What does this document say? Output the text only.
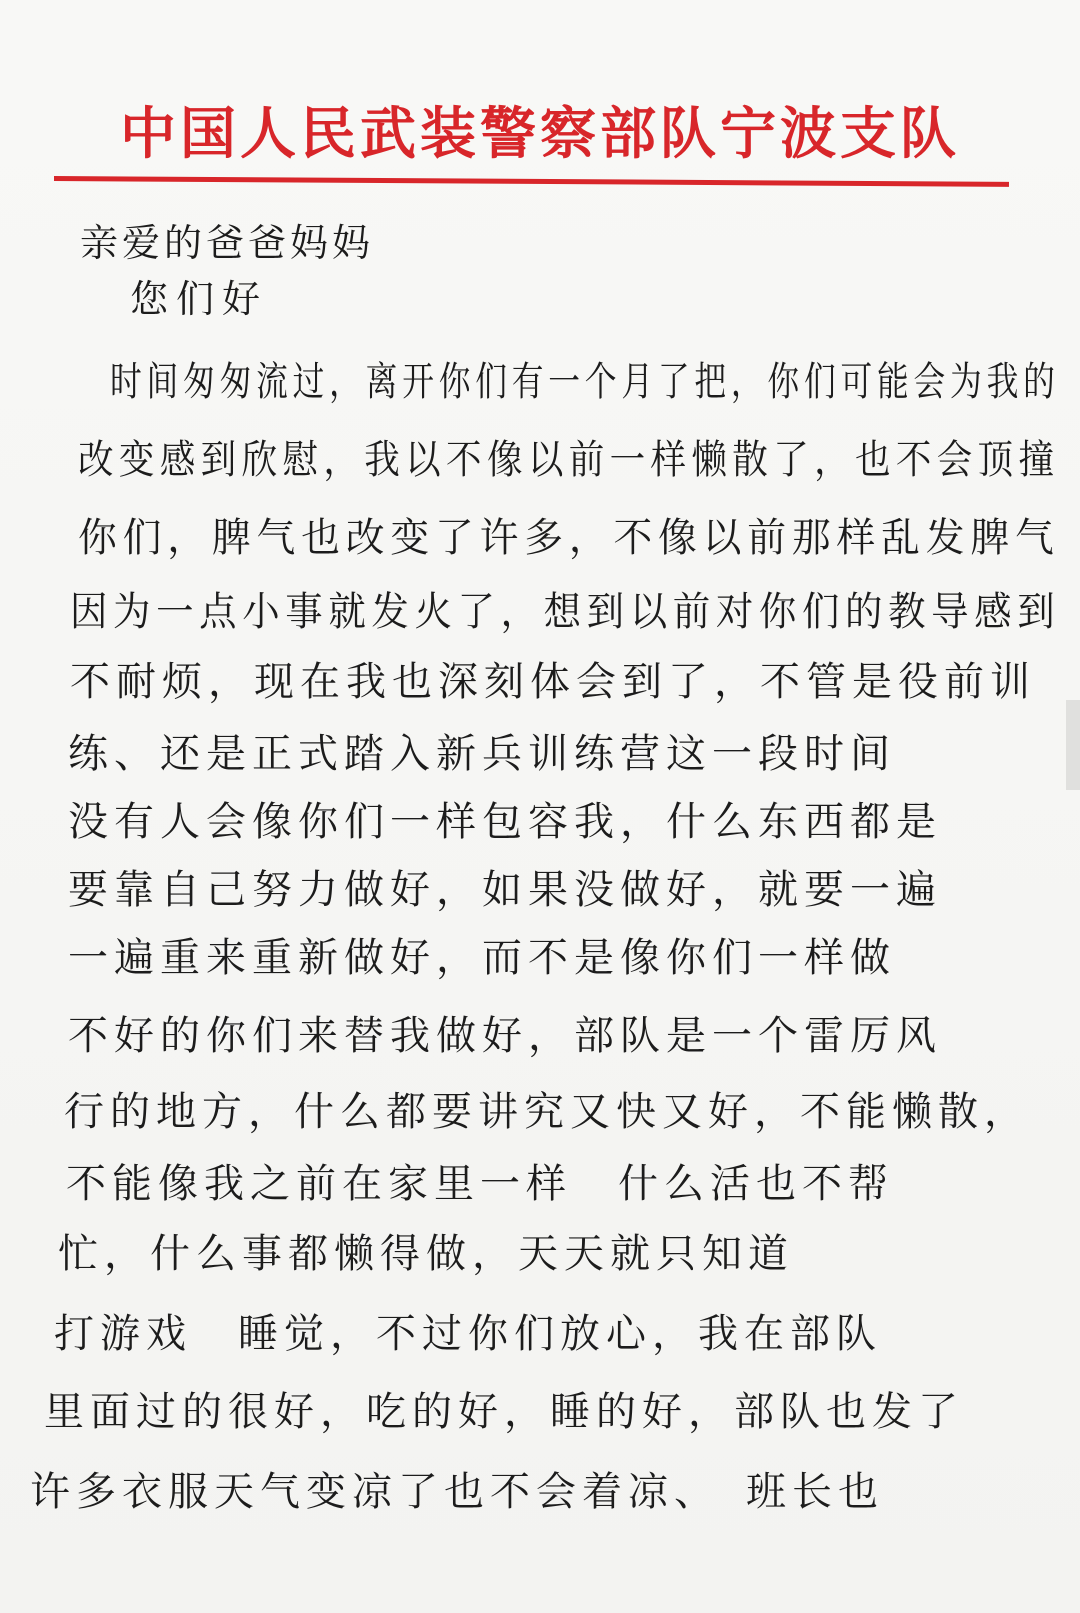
中国人民武装警察部队宁波支队
亲爱的爸爸妈妈
您们好
时间匆匆流过，离开你们有一个月了把，你们可能会为我的
改变感到欣慰，我以不像以前一样懒散了，也不会顶撞
你们，脾气也改变了许多，不像以前那样乱发脾气
因为一点小事就发火了，想到以前对你们的教导感到
不耐烦，现在我也深刻体会到了，不管是役前训
练、还是正式踏入新兵训练营这一段时间
没有人会像你们一样包容我，什么东西都是
要靠自己努力做好，如果没做好，就要一遍
一遍重来重新做好，而不是像你们一样做
不好的你们来替我做好，部队是一个雷厉风
行的地方，什么都要讲究又快又好，不能懒散，
不能像我之前在家里一样　什么活也不帮
忙，什么事都懒得做，天天就只知道
打游戏　睡觉，不过你们放心，我在部队
里面过的很好，吃的好，睡的好，部队也发了
许多衣服天气变凉了也不会着凉、　班长也
